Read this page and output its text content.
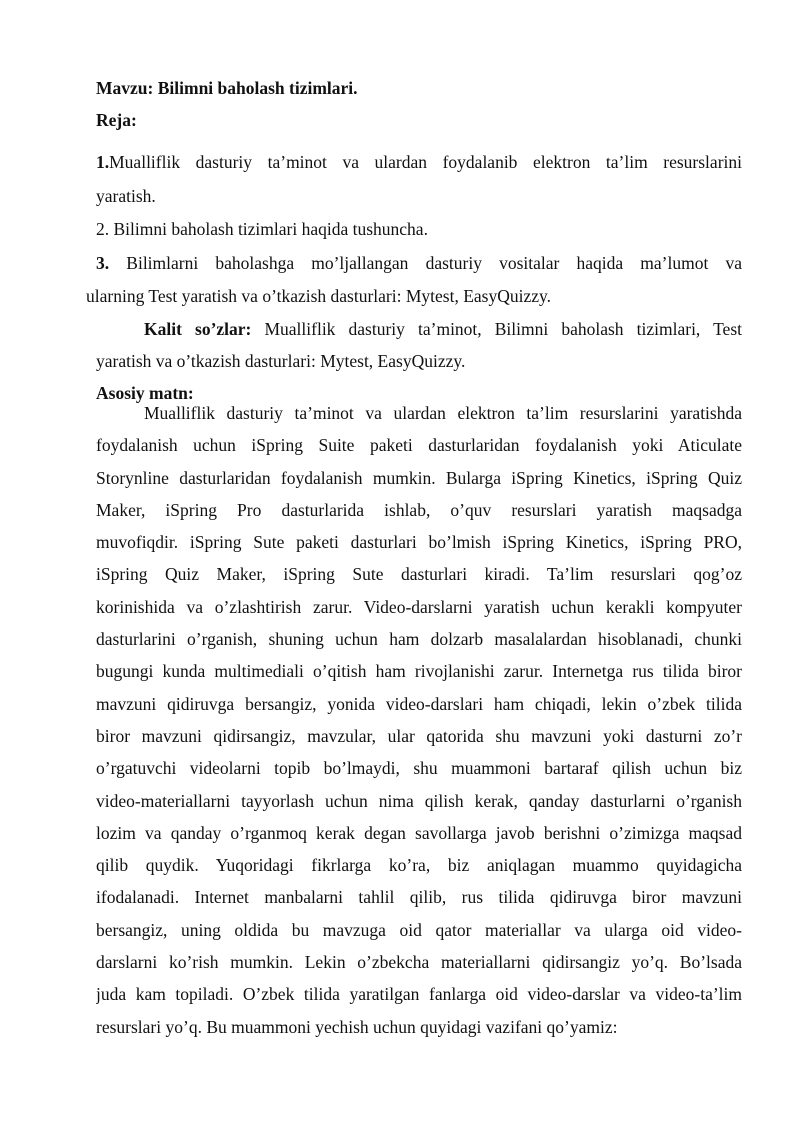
Mavzu: Bilimni baholash tizimlari.
Reja:
1.Mualliflik dasturiy ta’minot va ulardan foydalanib elektron ta’lim resurslarini
yaratish.
2. Bilimni baholash tizimlari haqida tushuncha.
3. Bilimlarni baholashga mo’ljallangan dasturiy vositalar haqida ma’lumot va
ularning Test yaratish va o’tkazish dasturlari: Mytest, EasyQuizzy.
Kalit so’zlar: Mualliflik dasturiy ta’minot, Bilimni baholash tizimlari, Test
yaratish va o’tkazish dasturlari: Mytest, EasyQuizzy.
Asosiy matn:
Mualliflik dasturiy ta’minot va ulardan elektron ta’lim resurslarini yaratishda
foydalanish uchun iSpring Suite paketi dasturlaridan foydalanish yoki Aticulate
Storynline dasturlaridan foydalanish mumkin. Bularga iSpring Kinetics, iSpring Quiz
Maker, iSpring Pro dasturlarida ishlab, o’quv resurslari yaratish maqsadga
muvofiqdir. iSpring Sute paketi dasturlari bo’lmish iSpring Kinetics, iSpring PRO,
iSpring Quiz Maker, iSpring Sute dasturlari kiradi. Ta’lim resurslari qog’oz
korinishida va o’zlashtirish zarur. Video-darslarni yaratish uchun kerakli kompyuter
dasturlarini o’rganish, shuning uchun ham dolzarb masalalardan hisoblanadi, chunki
bugungi kunda multimediali o’qitish ham rivojlanishi zarur. Internetga rus tilida biror
mavzuni qidiruvga bersangiz, yonida video-darslari ham chiqadi, lekin o’zbek tilida
biror mavzuni qidirsangiz, mavzular, ular qatorida shu mavzuni yoki dasturni zo’r
o’rgatuvchi videolarni topib bo’lmaydi, shu muammoni bartaraf qilish uchun biz
video-materiallarni tayyorlash uchun nima qilish kerak, qanday dasturlarni o’rganish
lozim va qanday o’rganmoq kerak degan savollarga javob berishni o’zimizga maqsad
qilib quydik. Yuqoridagi fikrlarga ko’ra, biz aniqlagan muammo quyidagicha
ifodalanadi. Internet manbalarni tahlil qilib, rus tilida qidiruvga biror mavzuni
bersangiz, uning oldida bu mavzuga oid qator materiallar va ularga oid video-
darslarni ko’rish mumkin. Lekin o’zbekcha materiallarni qidirsangiz yo’q. Bo’lsada
juda kam topiladi. O’zbek tilida yaratilgan fanlarga oid video-darslar va video-ta’lim
resurslari yo’q. Bu muammoni yechish uchun quyidagi vazifani qo’yamiz:
